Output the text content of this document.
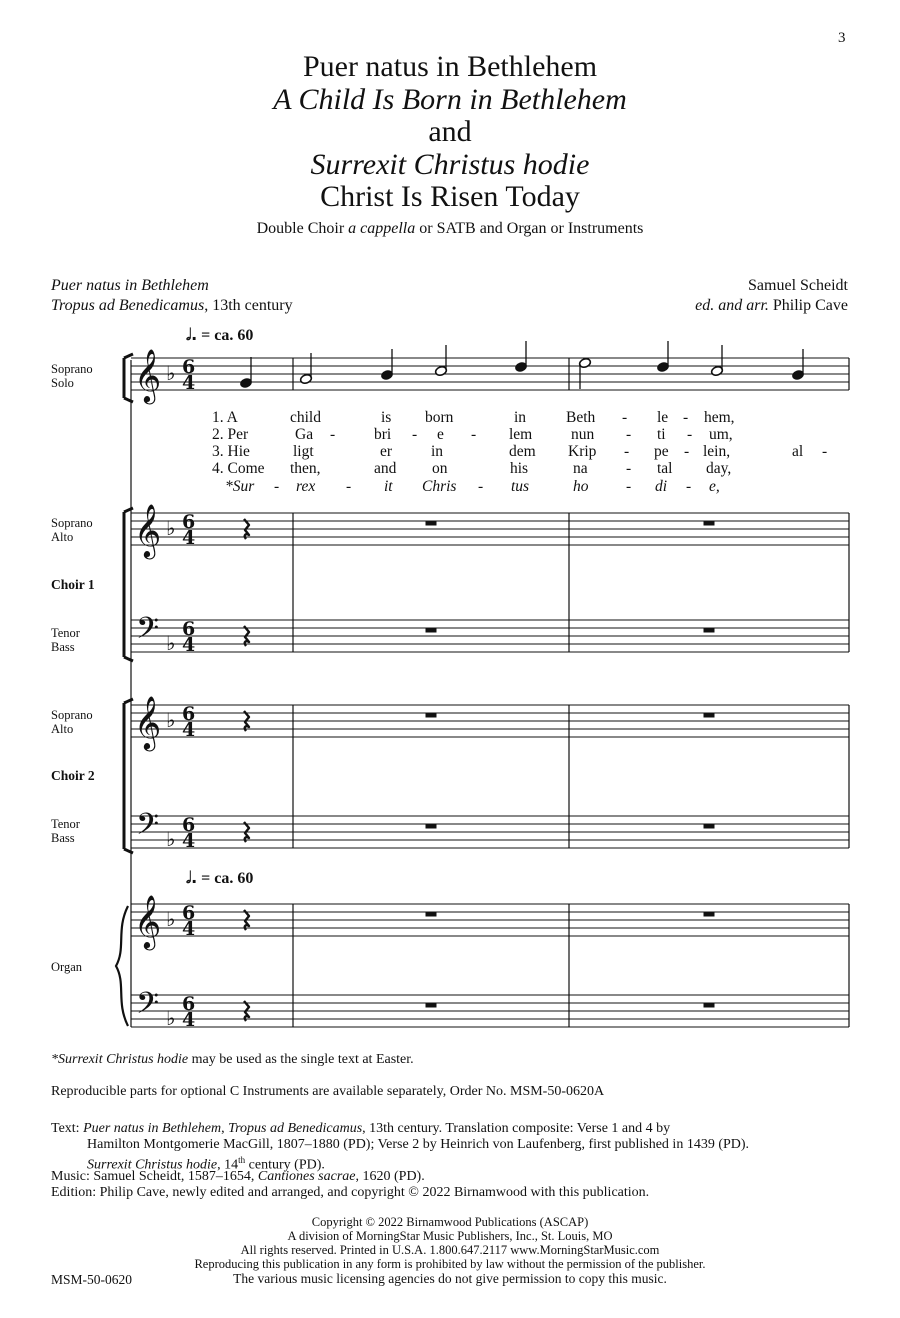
3
Puer natus in Bethlehem
A Child Is Born in Bethlehem
and
Surrexit Christus hodie
Christ Is Risen Today
Double Choir a cappella or SATB and Organ or Instruments
Puer natus in Bethlehem
Tropus ad Benedicamus, 13th century
Samuel Scheidt
ed. and arr. Philip Cave
𝅗𝅥. = ca. 60
𝅗𝅥. = ca. 60
Soprano
Solo
Soprano
Alto
Choir 1
Tenor
Bass
Soprano
Alto
Choir 2
Tenor
Bass
Organ
6
4
𝄞
𝄞
𝄢
𝄞
𝄢
𝄞
𝄢
♭
♭
♭
♭
♭
♭
♭
1. A	child	is born	in	Beth - le - hem,
2. Per	Ga -	bri - e - lem	nun - ti - um,
3. Hie	ligt	er	in	dem Krip - pe - lein,	al -
4. Come then,	and on	his	na - tal day,
*Sur - rex - it Chris - tus	ho - di - e,
*Surrexit Christus hodie may be used as the single text at Easter.
Reproducible parts for optional C Instruments are available separately, Order No. MSM-50-0620A
Text: Puer natus in Bethlehem, Tropus ad Benedicamus, 13th century. Translation composite: Verse 1 and 4 by
Hamilton Montgomerie MacGill, 1807–1880 (PD); Verse 2 by Heinrich von Laufenberg, first published in 1439 (PD).
Surrexit Christus hodie, 14th century (PD).
Music: Samuel Scheidt, 1587–1654, Cantiones sacrae, 1620 (PD).
Edition: Philip Cave, newly edited and arranged, and copyright © 2022 Birnamwood with this publication.
Copyright © 2022 Birnamwood Publications (ASCAP)
A division of MorningStar Music Publishers, Inc., St. Louis, MO
All rights reserved. Printed in U.S.A. 1.800.647.2117 www.MorningStarMusic.com
Reproducing this publication in any form is prohibited by law without the permission of the publisher.
The various music licensing agencies do not give permission to copy this music.
MSM-50-0620
